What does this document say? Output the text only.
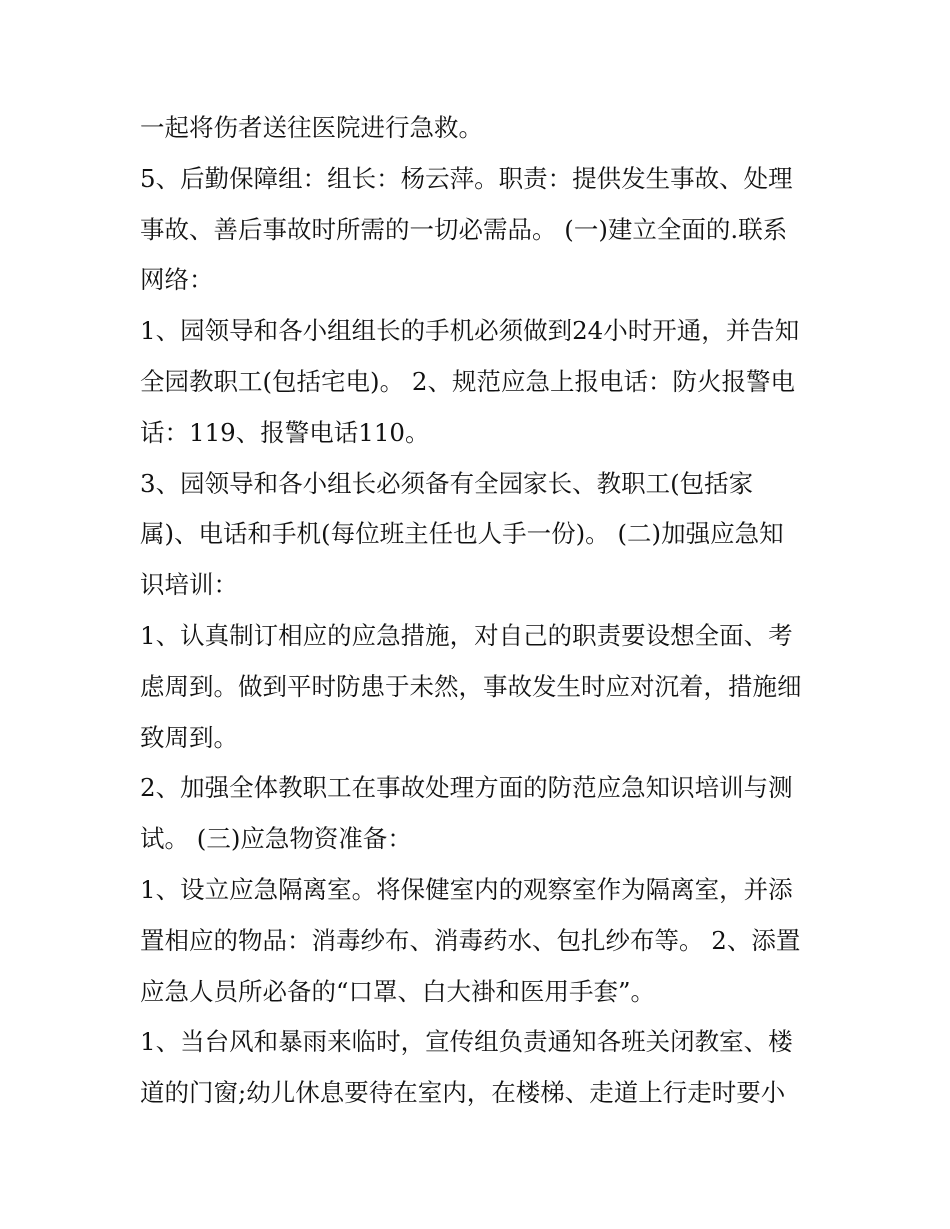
一起将伤者送往医院进行急救。
5、后勤保障组：组长：杨云萍。职责：提供发生事故、处理
事故、善后事故时所需的一切必需品。 (一)建立全面的.联系
网络：
1、园领导和各小组组长的手机必须做到24小时开通，并告知
全园教职工(包括宅电)。 2、规范应急上报电话：防火报警电
话：119、报警电话110。
3、园领导和各小组长必须备有全园家长、教职工(包括家
属)、电话和手机(每位班主任也人手一份)。 (二)加强应急知
识培训：
1、认真制订相应的应急措施，对自己的职责要设想全面、考
虑周到。做到平时防患于未然，事故发生时应对沉着，措施细
致周到。
2、加强全体教职工在事故处理方面的防范应急知识培训与测
试。 (三)应急物资准备：
1、设立应急隔离室。将保健室内的观察室作为隔离室，并添
置相应的物品：消毒纱布、消毒药水、包扎纱布等。 2、添置
应急人员所必备的“口罩、白大褂和医用手套”。
1、当台风和暴雨来临时，宣传组负责通知各班关闭教室、楼
道的门窗;幼儿休息要待在室内，在楼梯、走道上行走时要小
